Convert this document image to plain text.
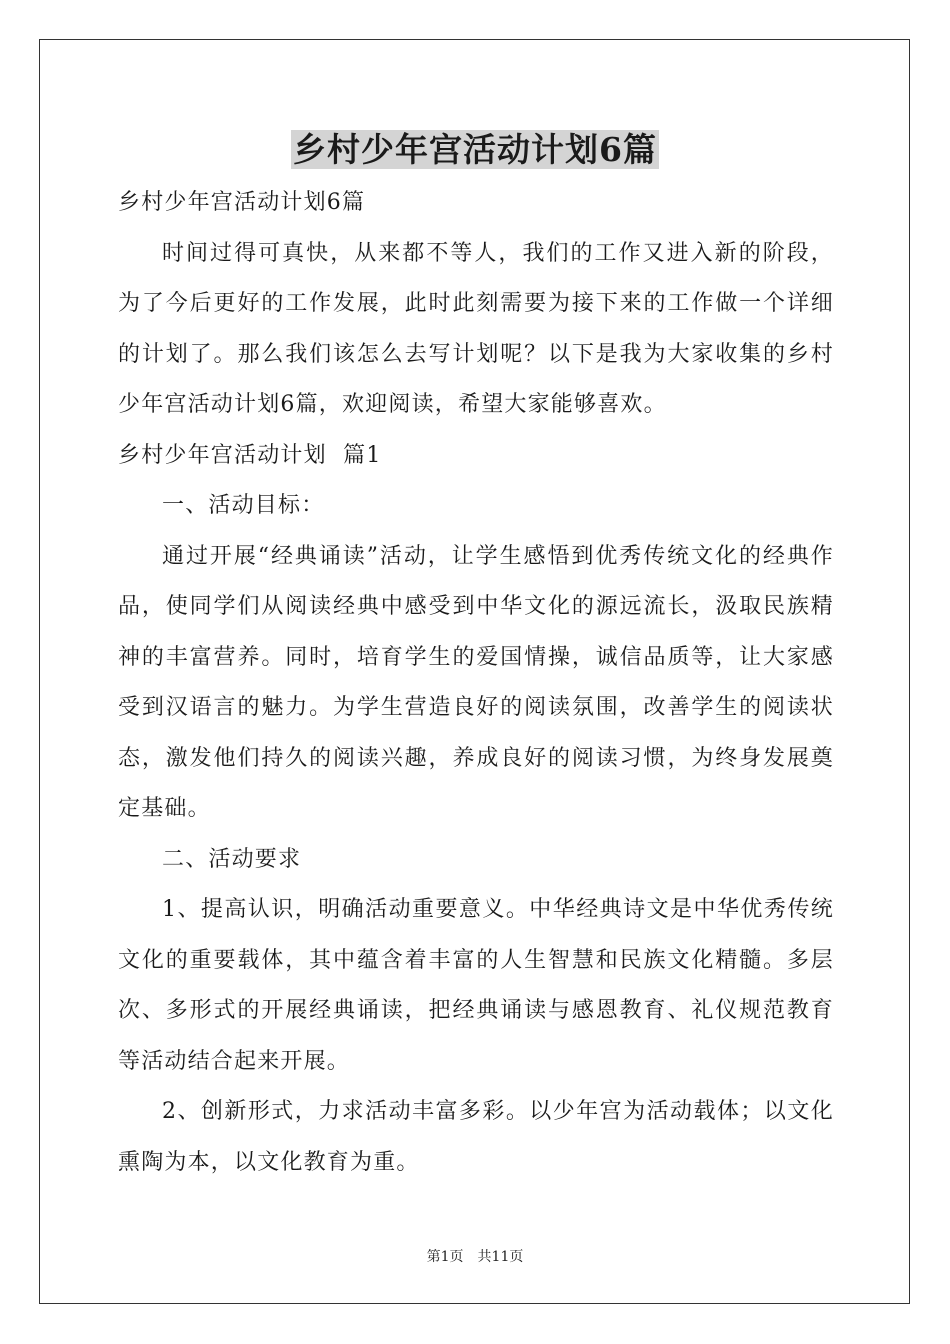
乡村少年宫活动计划6篇

乡村少年宫活动计划6篇

时间过得可真快，从来都不等人，我们的工作又进入新的阶段，为了今后更好的工作发展，此时此刻需要为接下来的工作做一个详细的计划了。那么我们该怎么去写计划呢？以下是我为大家收集的乡村少年宫活动计划6篇，欢迎阅读，希望大家能够喜欢。

乡村少年宫活动计划  篇1

一、活动目标：

通过开展“经典诵读”活动，让学生感悟到优秀传统文化的经典作品，使同学们从阅读经典中感受到中华文化的源远流长，汲取民族精神的丰富营养。同时，培育学生的爱国情操，诚信品质等，让大家感受到汉语言的魅力。为学生营造良好的阅读氛围，改善学生的阅读状态，激发他们持久的阅读兴趣，养成良好的阅读习惯，为终身发展奠定基础。

二、活动要求

1、提高认识，明确活动重要意义。中华经典诗文是中华优秀传统文化的重要载体，其中蕴含着丰富的人生智慧和民族文化精髓。多层次、多形式的开展经典诵读，把经典诵读与感恩教育、礼仪规范教育等活动结合起来开展。

2、创新形式，力求活动丰富多彩。以少年宫为活动载体；以文化熏陶为本，以文化教育为重。

第1页 共11页
